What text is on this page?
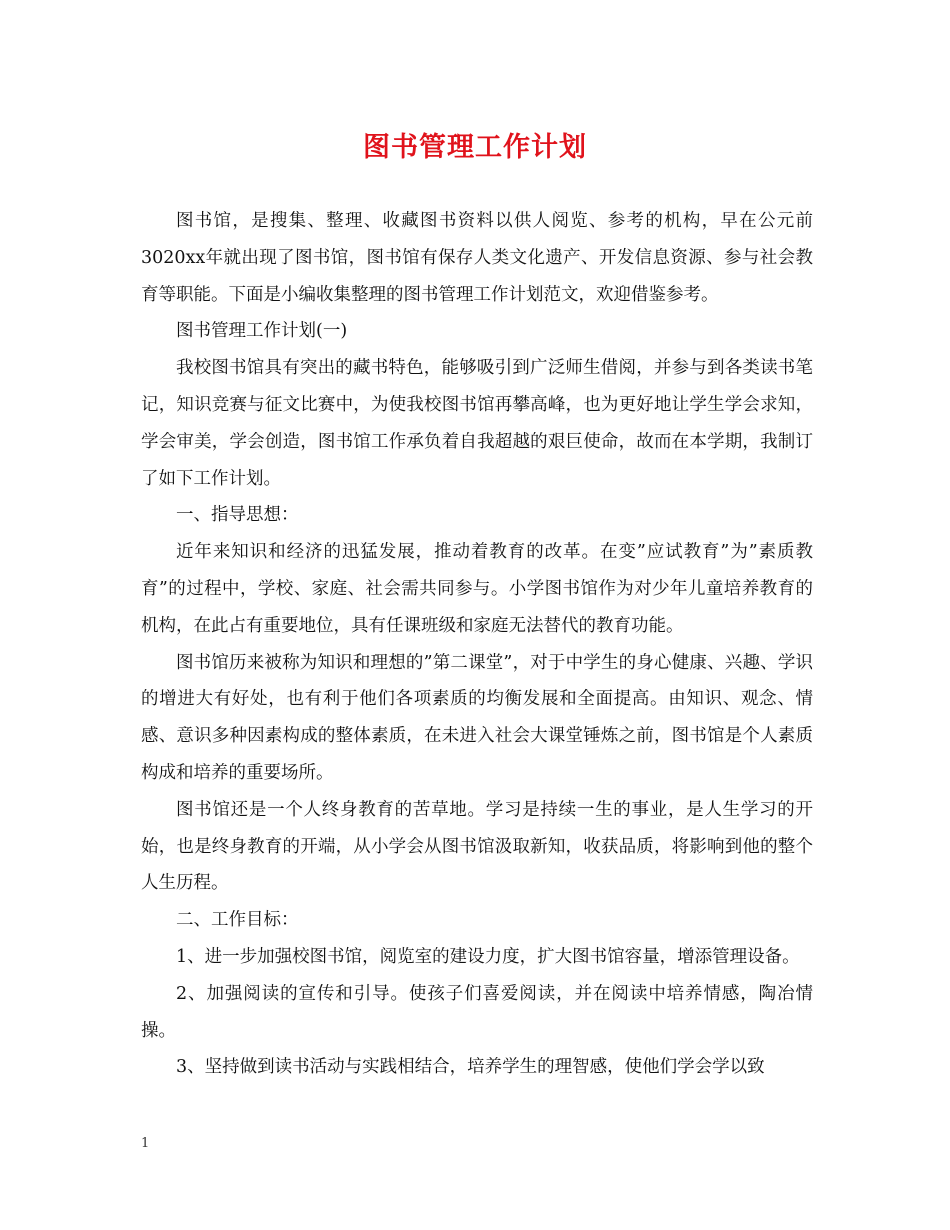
图书管理工作计划

图书馆，是搜集、整理、收藏图书资料以供人阅览、参考的机构，早在公元前3020xx年就出现了图书馆，图书馆有保存人类文化遗产、开发信息资源、参与社会教育等职能。下面是小编收集整理的图书管理工作计划范文，欢迎借鉴参考。

图书管理工作计划(一)

我校图书馆具有突出的藏书特色，能够吸引到广泛师生借阅，并参与到各类读书笔记，知识竞赛与征文比赛中，为使我校图书馆再攀高峰，也为更好地让学生学会求知，学会审美，学会创造，图书馆工作承负着自我超越的艰巨使命，故而在本学期，我制订了如下工作计划。

一、指导思想：

近年来知识和经济的迅猛发展，推动着教育的改革。在变”应试教育”为”素质教育”的过程中，学校、家庭、社会需共同参与。小学图书馆作为对少年儿童培养教育的机构，在此占有重要地位，具有任课班级和家庭无法替代的教育功能。

图书馆历来被称为知识和理想的”第二课堂”，对于中学生的身心健康、兴趣、学识的增进大有好处，也有利于他们各项素质的均衡发展和全面提高。由知识、观念、情感、意识多种因素构成的整体素质，在未进入社会大课堂锤炼之前，图书馆是个人素质构成和培养的重要场所。

图书馆还是一个人终身教育的苦草地。学习是持续一生的事业，是人生学习的开始，也是终身教育的开端，从小学会从图书馆汲取新知，收获品质，将影响到他的整个人生历程。

二、工作目标：

1、进一步加强校图书馆，阅览室的建设力度，扩大图书馆容量，增添管理设备。

2、加强阅读的宣传和引导。使孩子们喜爱阅读，并在阅读中培养情感，陶冶情操。

3、坚持做到读书活动与实践相结合，培养学生的理智感，使他们学会学以致

1
